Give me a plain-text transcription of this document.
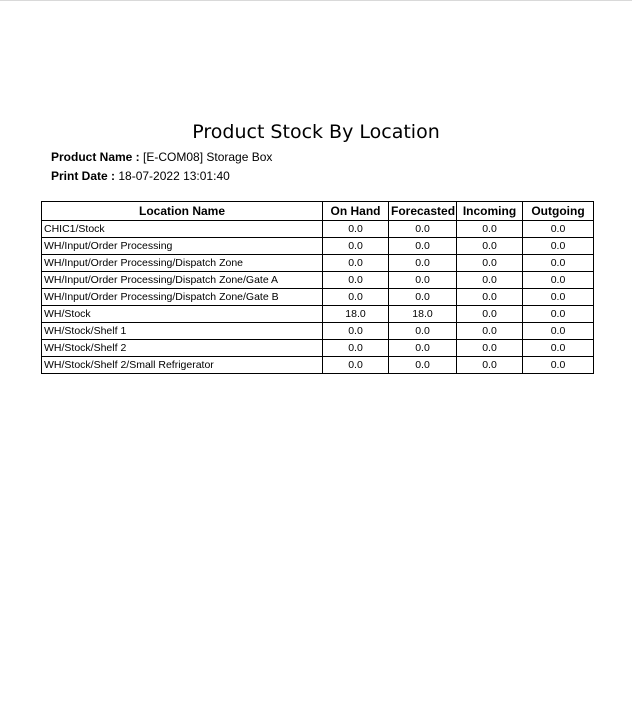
Product Stock By Location
Product Name : [E-COM08] Storage Box
Print Date : 18-07-2022 13:01:40
Location Name	On Hand	Forecasted	Incoming	Outgoing
CHIC1/Stock	0.0	0.0	0.0	0.0
WH/Input/Order Processing	0.0	0.0	0.0	0.0
WH/Input/Order Processing/Dispatch Zone	0.0	0.0	0.0	0.0
WH/Input/Order Processing/Dispatch Zone/Gate A	0.0	0.0	0.0	0.0
WH/Input/Order Processing/Dispatch Zone/Gate B	0.0	0.0	0.0	0.0
WH/Stock	18.0	18.0	0.0	0.0
WH/Stock/Shelf 1	0.0	0.0	0.0	0.0
WH/Stock/Shelf 2	0.0	0.0	0.0	0.0
WH/Stock/Shelf 2/Small Refrigerator	0.0	0.0	0.0	0.0
